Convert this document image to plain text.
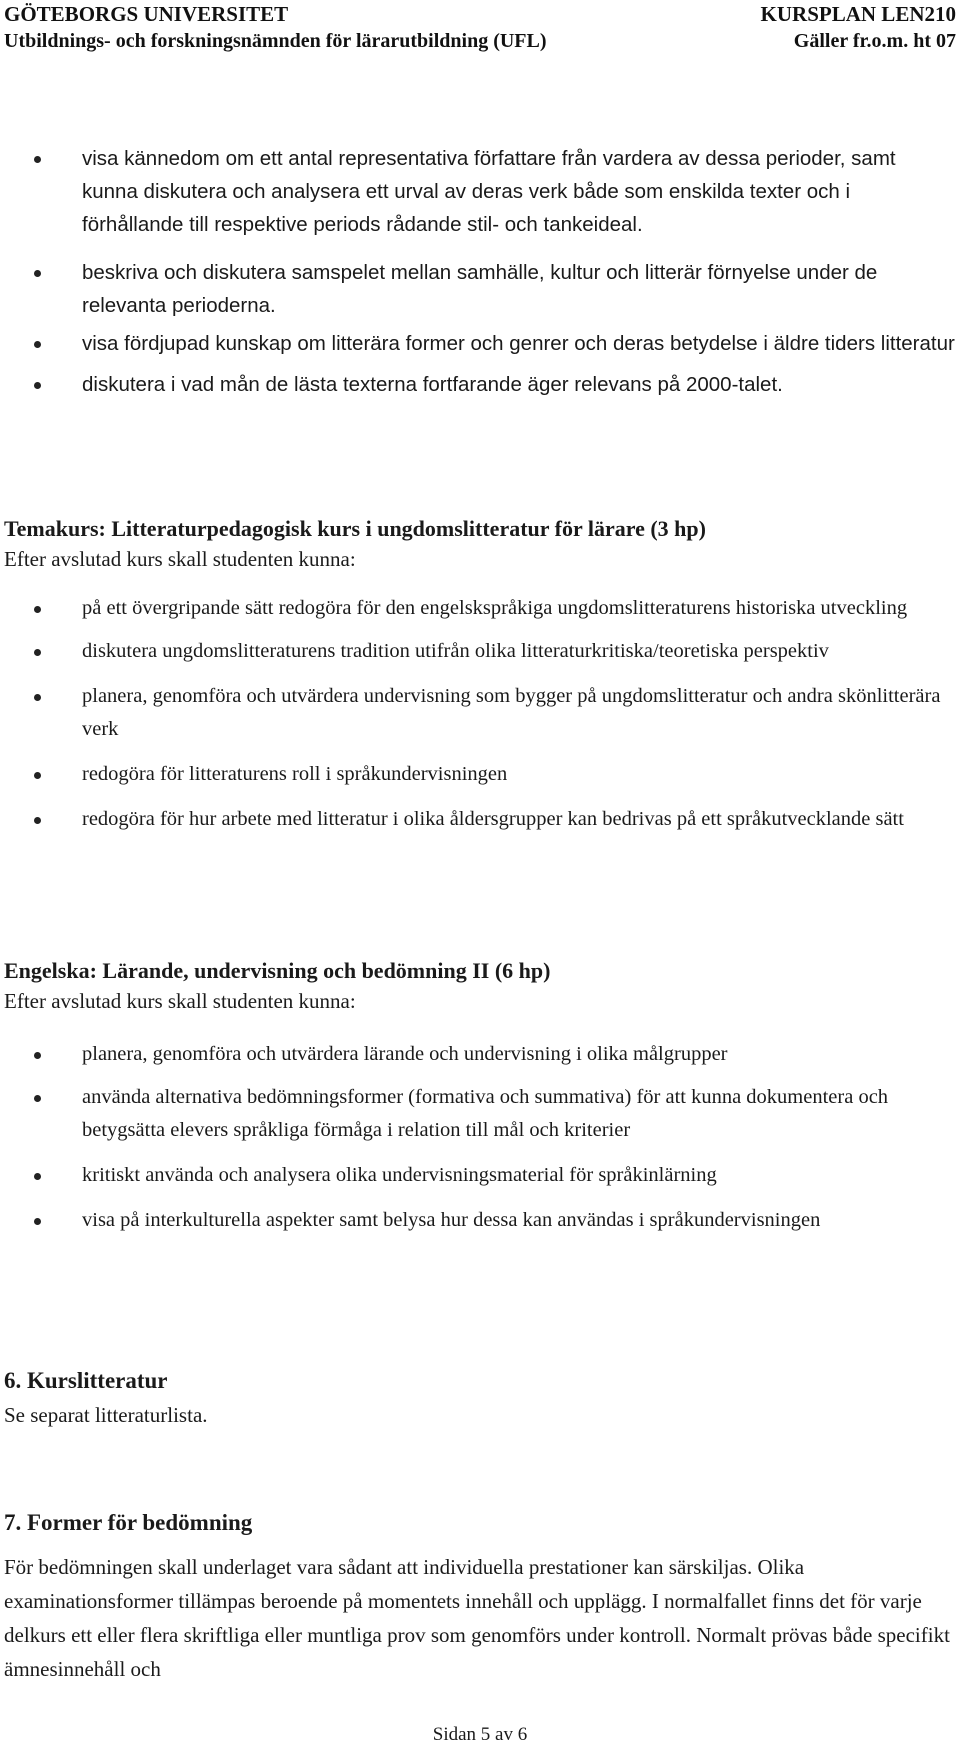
GÖTEBORGS UNIVERSITET	KURSPLAN LEN210
Utbildnings- och forskningsnämnden för lärarutbildning (UFL)	Gäller fr.o.m. ht 07
visa kännedom om ett antal representativa författare från vardera av dessa perioder, samt kunna diskutera och analysera ett urval av deras verk både som enskilda texter och i förhållande till respektive periods rådande stil- och tankeideal.
beskriva och diskutera samspelet mellan samhälle, kultur och litterär förnyelse under de relevanta perioderna.
visa fördjupad kunskap om litterära former och genrer och deras betydelse i äldre tiders litteratur
diskutera i vad mån de lästa texterna fortfarande äger relevans på 2000-talet.
Temakurs: Litteraturpedagogisk kurs i ungdomslitteratur för lärare (3 hp)

Efter avslutad kurs skall studenten kunna:

på ett övergripande sätt redogöra för den engelskspråkiga ungdomslitteraturens historiska utveckling
diskutera ungdomslitteraturens tradition utifrån olika litteraturkritiska/teoretiska perspektiv
planera, genomföra och utvärdera undervisning som bygger på ungdomslitteratur och andra skönlitterära verk
redogöra för litteraturens roll i språkundervisningen
redogöra för hur arbete med litteratur i olika åldersgrupper kan bedrivas på ett språkutvecklande sätt
Engelska: Lärande, undervisning och bedömning II (6 hp)

Efter avslutad kurs skall studenten kunna:

planera, genomföra och utvärdera lärande och undervisning i olika målgrupper
använda alternativa bedömningsformer (formativa och summativa) för att kunna dokumentera och betygsätta elevers språkliga förmåga i relation till mål och kriterier
kritiskt använda och analysera olika undervisningsmaterial för språkinlärning
visa på interkulturella aspekter samt belysa hur dessa kan användas i språkundervisningen
6. Kurslitteratur

Se separat litteraturlista.

7. Former för bedömning

För bedömningen skall underlaget vara sådant att individuella prestationer kan särskiljas. Olika examinationsformer tillämpas beroende på momentets innehåll och upplägg. I normalfallet finns det för varje delkurs ett eller flera skriftliga eller muntliga prov som genomförs under kontroll. Normalt prövas både specifikt ämnesinnehåll och

Sidan 5 av 6
